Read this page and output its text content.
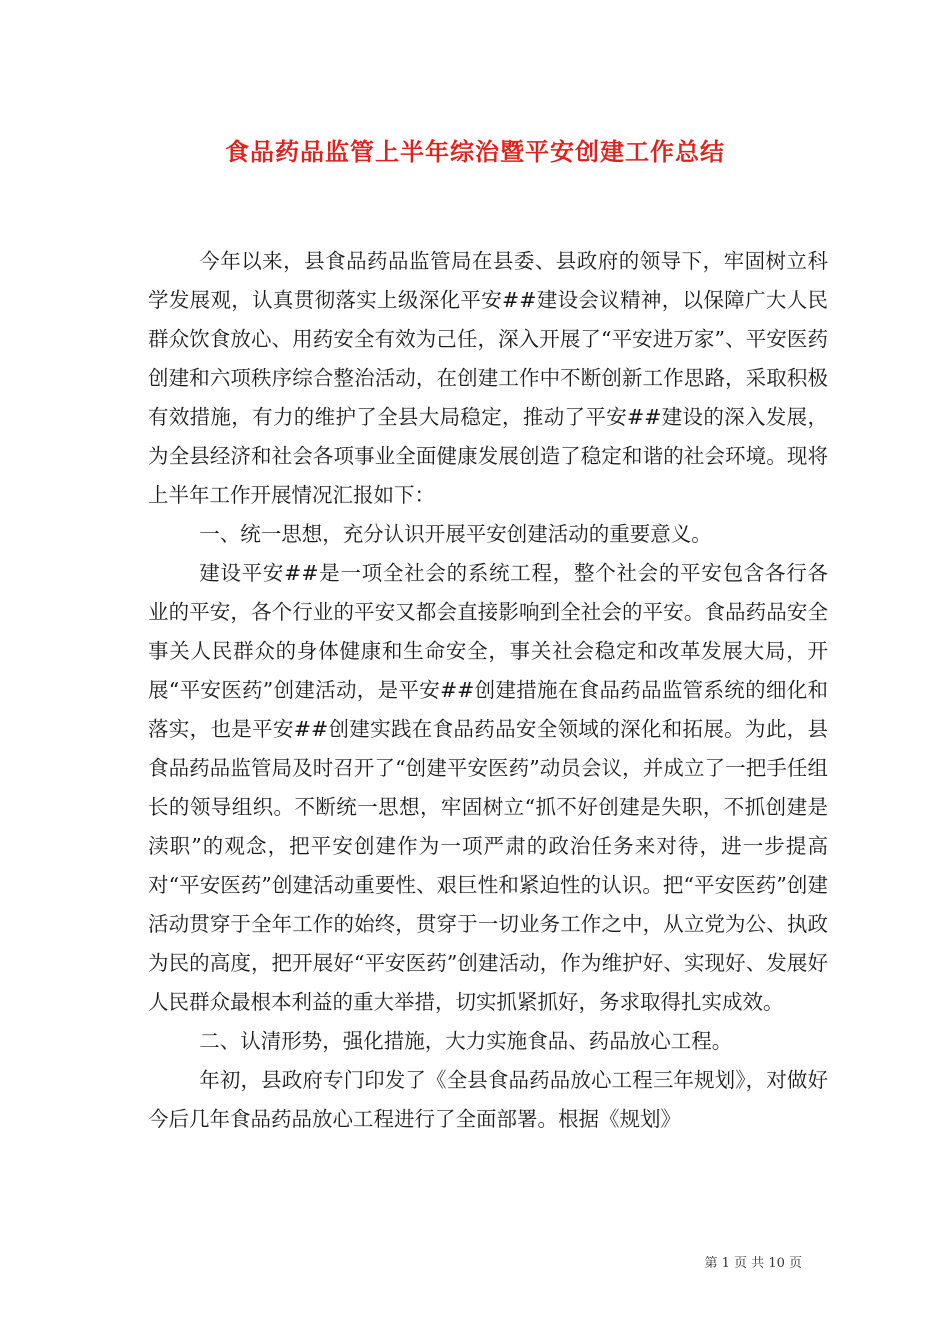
食品药品监管上半年综治暨平安创建工作总结

今年以来，县食品药品监管局在县委、县政府的领导下，牢固树立科学发展观，认真贯彻落实上级深化平安##建设会议精神，以保障广大人民群众饮食放心、用药安全有效为己任，深入开展了“平安进万家”、平安医药创建和六项秩序综合整治活动，在创建工作中不断创新工作思路，采取积极有效措施，有力的维护了全县大局稳定，推动了平安##建设的深入发展，为全县经济和社会各项事业全面健康发展创造了稳定和谐的社会环境。现将上半年工作开展情况汇报如下：

一、统一思想，充分认识开展平安创建活动的重要意义。

建设平安##是一项全社会的系统工程，整个社会的平安包含各行各业的平安，各个行业的平安又都会直接影响到全社会的平安。食品药品安全事关人民群众的身体健康和生命安全，事关社会稳定和改革发展大局，开展“平安医药”创建活动，是平安##创建措施在食品药品监管系统的细化和落实，也是平安##创建实践在食品药品安全领域的深化和拓展。为此，县食品药品监管局及时召开了“创建平安医药”动员会议，并成立了一把手任组长的领导组织。不断统一思想，牢固树立“抓不好创建是失职，不抓创建是渎职”的观念，把平安创建作为一项严肃的政治任务来对待，进一步提高对“平安医药”创建活动重要性、艰巨性和紧迫性的认识。把“平安医药”创建活动贯穿于全年工作的始终，贯穿于一切业务工作之中，从立党为公、执政为民的高度，把开展好“平安医药”创建活动，作为维护好、实现好、发展好人民群众最根本利益的重大举措，切实抓紧抓好，务求取得扎实成效。

二、认清形势，强化措施，大力实施食品、药品放心工程。

年初，县政府专门印发了《全县食品药品放心工程三年规划》，对做好今后几年食品药品放心工程进行了全面部署。根据《规划》

第 1 页 共 10 页
